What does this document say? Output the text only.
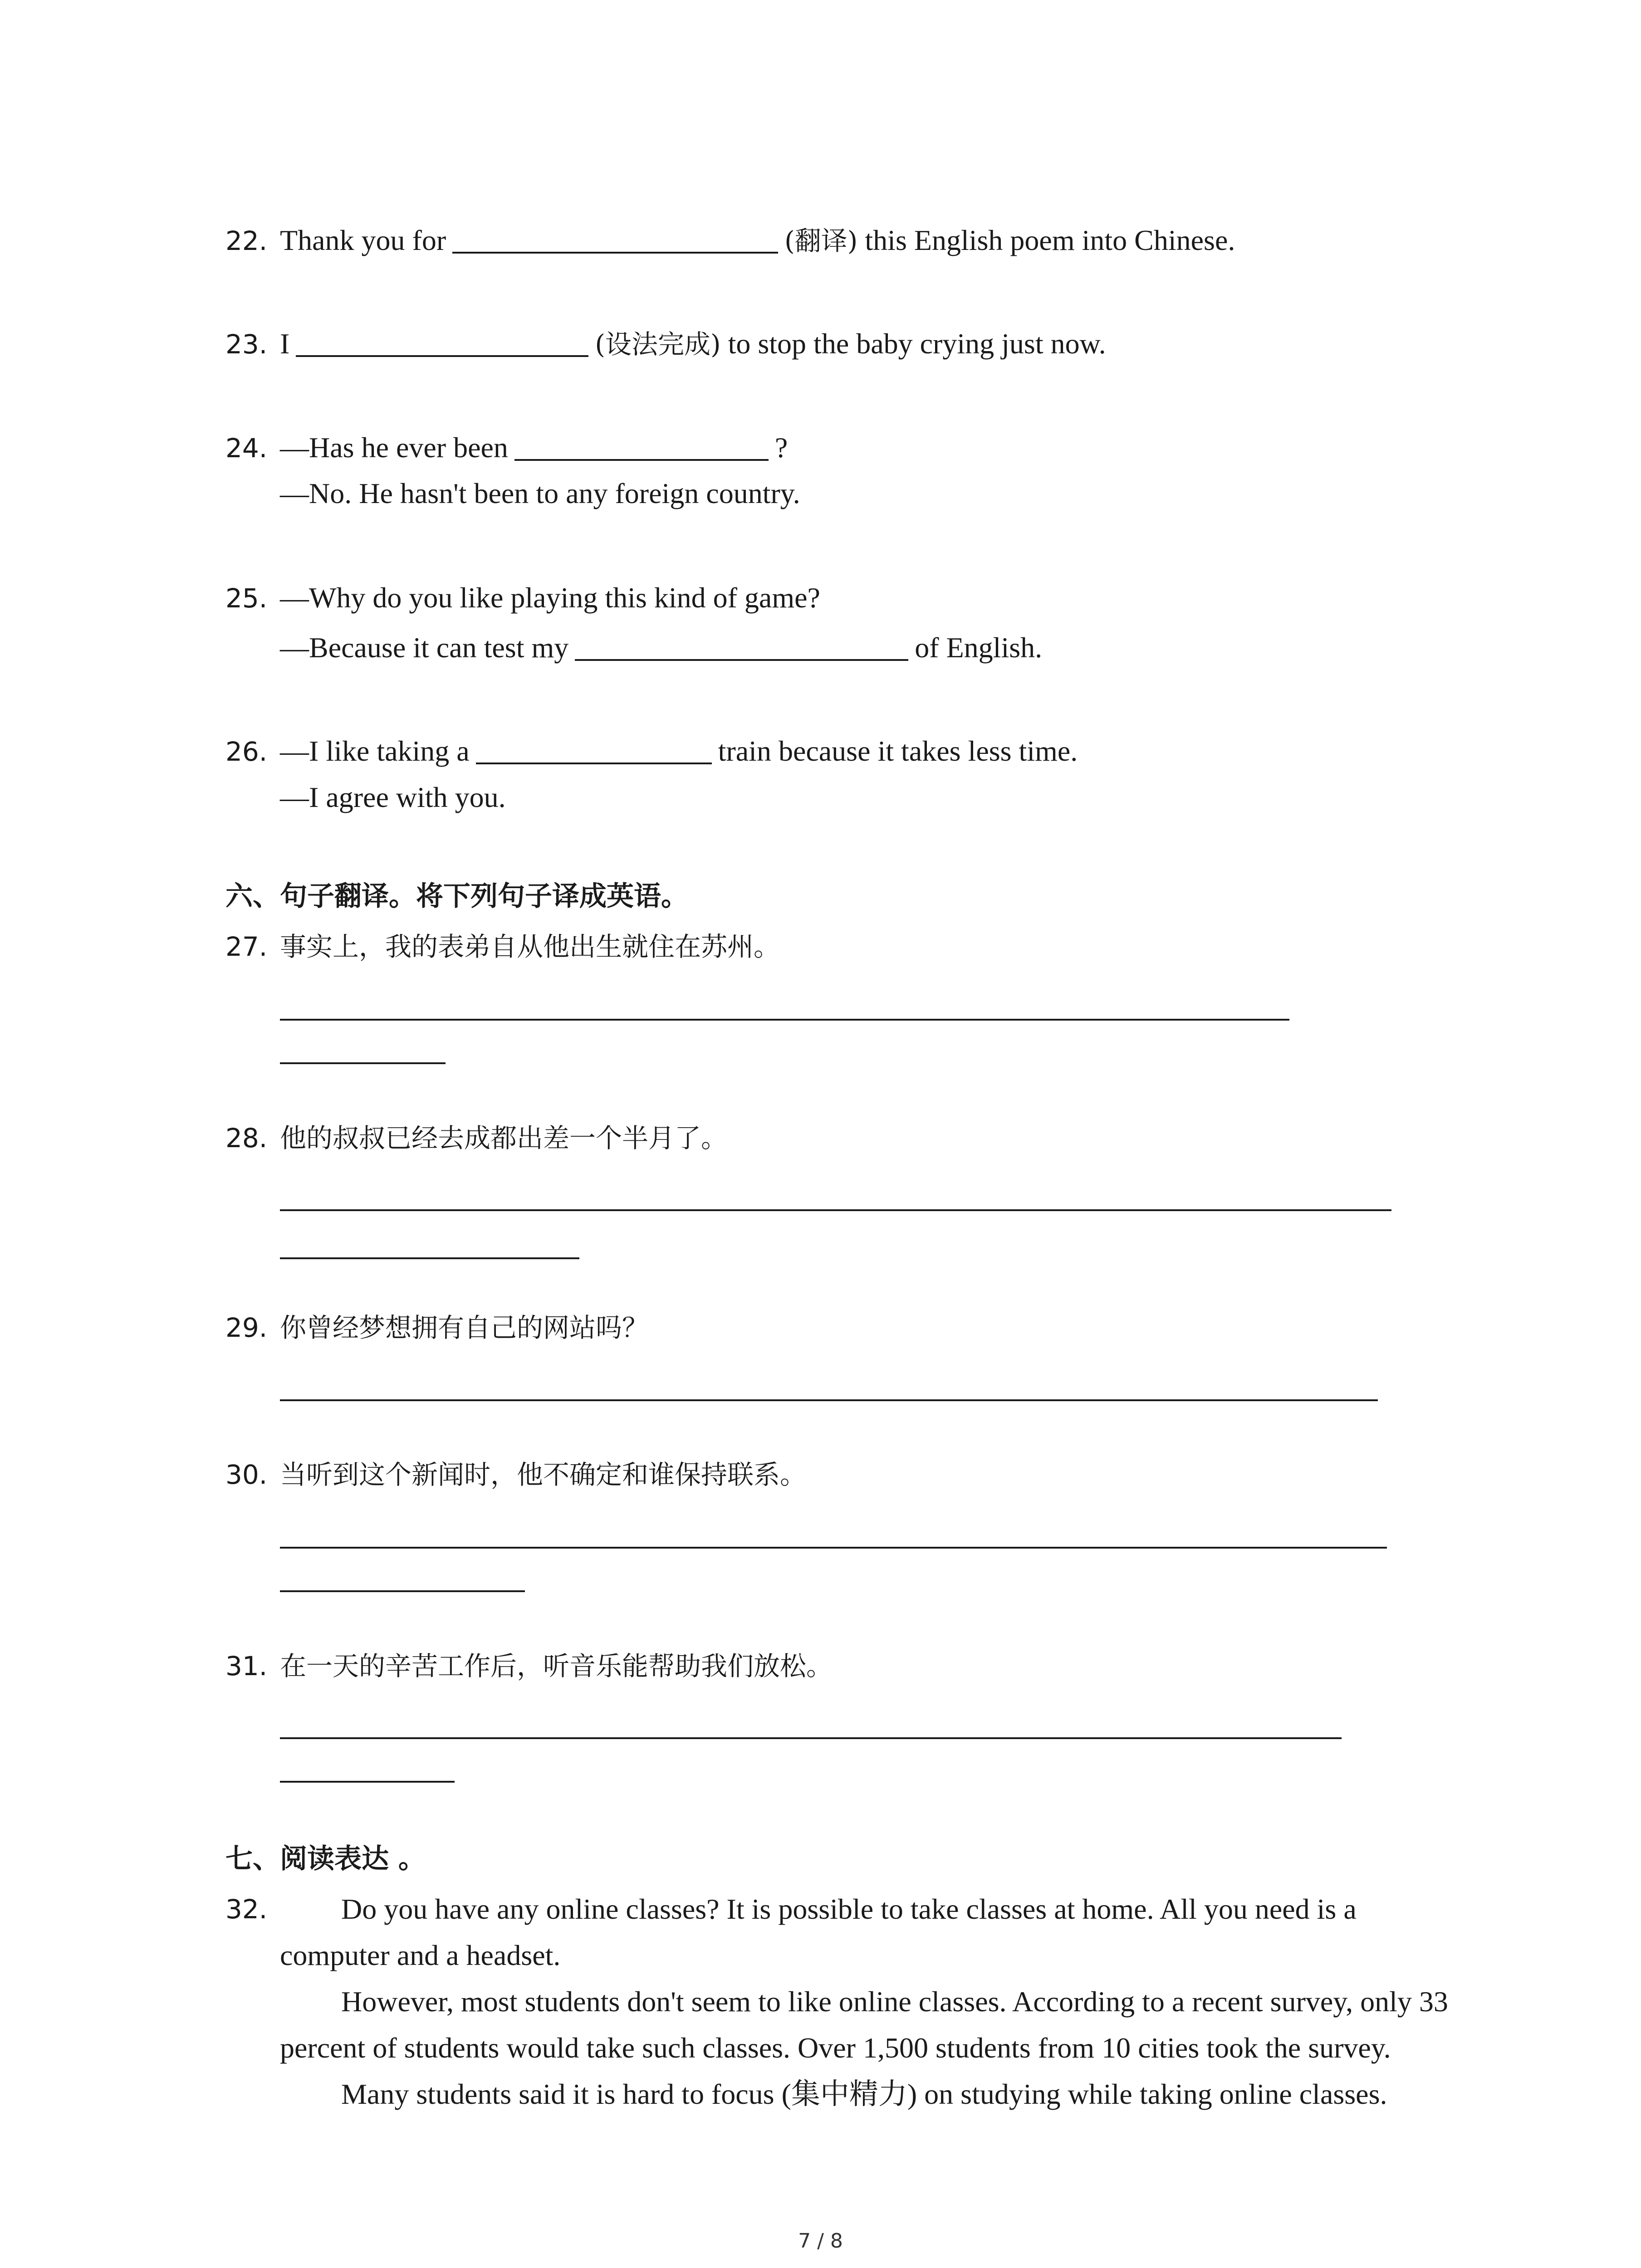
22. Thank you for	(翻译) this English poem into Chinese.
23. I	(设法完成) to stop the baby crying just now.
24. —Has he ever been	?
—No. He hasn't been to any foreign country.
25. —Why do you like playing this kind of game?
—Because it can test my	of English.
26. —I like taking a	train because it takes less time.
—I agree with you.
六、句子翻译。将下列句子译成英语。
27. 事实上，我的表弟自从他出生就住在苏州。
28. 他的叔叔已经去成都出差一个半月了。
29. 你曾经梦想拥有自己的网站吗？
30. 当听到这个新闻时，他不确定和谁保持联系。
31. 在一天的辛苦工作后，听音乐能帮助我们放松。
七、阅读表达 。
32.	Do you have any online classes? It is possible to take classes at home. All you need is a computer and a headset.

However, most students don't seem to like online classes. According to a recent survey, only 33 percent of students would take such classes. Over 1,500 students from 10 cities took the survey.

Many students said it is hard to focus (集中精力) on studying while taking online classes.

7 / 8
